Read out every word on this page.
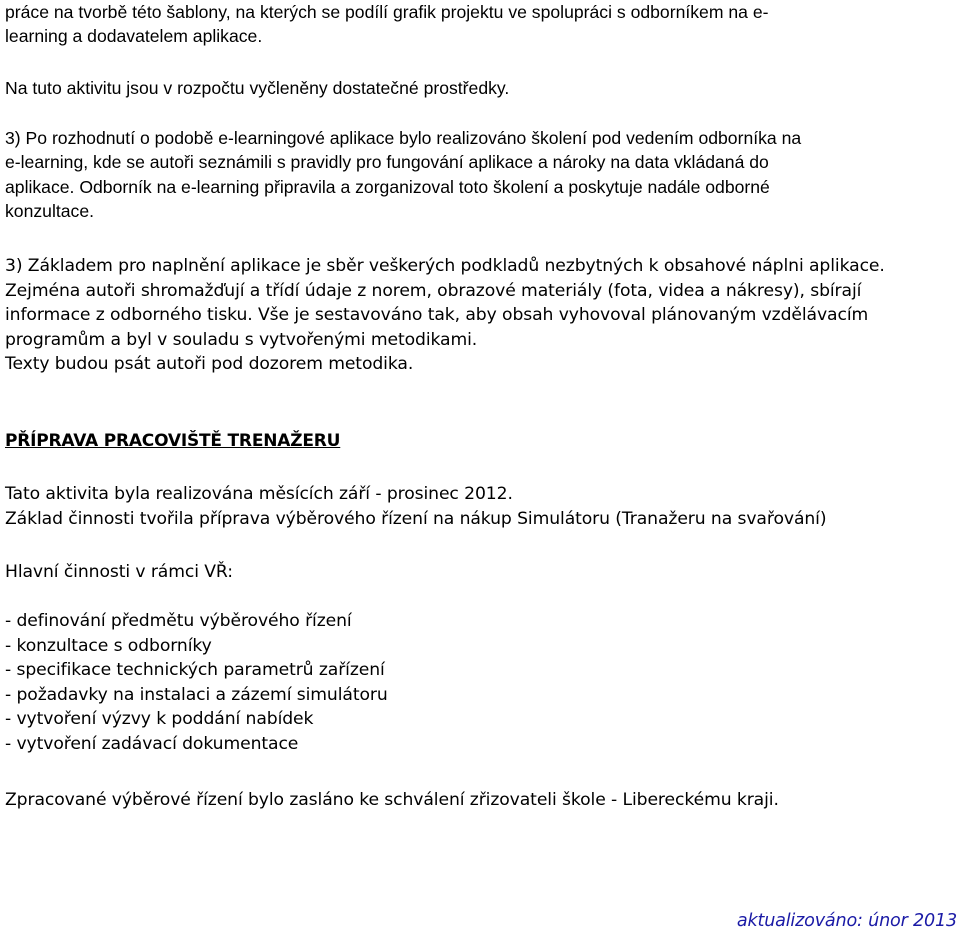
práce na tvorbě této šablony, na kterých se podílí grafik projektu ve spolupráci s odborníkem na e-
learning a dodavatelem aplikace.
Na tuto aktivitu jsou v rozpočtu vyčleněny dostatečné prostředky.
3) Po rozhodnutí o podobě e-learningové aplikace bylo realizováno školení pod vedením odborníka na
e-learning, kde se autoři seznámili s pravidly pro fungování aplikace a nároky na data vkládaná do
aplikace. Odborník na e-learning připravila a zorganizoval toto školení a poskytuje nadále odborné
konzultace.
3) Základem pro naplnění aplikace je sběr veškerých podkladů nezbytných k obsahové náplni aplikace.
Zejména autoři shromažďují a třídí údaje z norem, obrazové materiály (fota, videa a nákresy), sbírají
informace z odborného tisku. Vše je sestavováno tak, aby obsah vyhovoval plánovaným vzdělávacím
programům a byl v souladu s vytvořenými metodikami.
Texty budou psát autoři pod dozorem metodika.
PŘÍPRAVA PRACOVIŠTĚ TRENAŽERU
Tato aktivita byla realizována měsících září - prosinec 2012.
Základ činnosti tvořila příprava výběrového řízení na nákup Simulátoru (Tranažeru na svařování)
Hlavní činnosti v rámci VŘ:
- definování předmětu výběrového řízení
- konzultace s odborníky
- specifikace technických parametrů zařízení
- požadavky na instalaci a zázemí simulátoru
- vytvoření výzvy k poddání nabídek
- vytvoření zadávací dokumentace
Zpracované výběrové řízení bylo zasláno ke schválení zřizovateli škole - Libereckému kraji.
aktualizováno: únor 2013
